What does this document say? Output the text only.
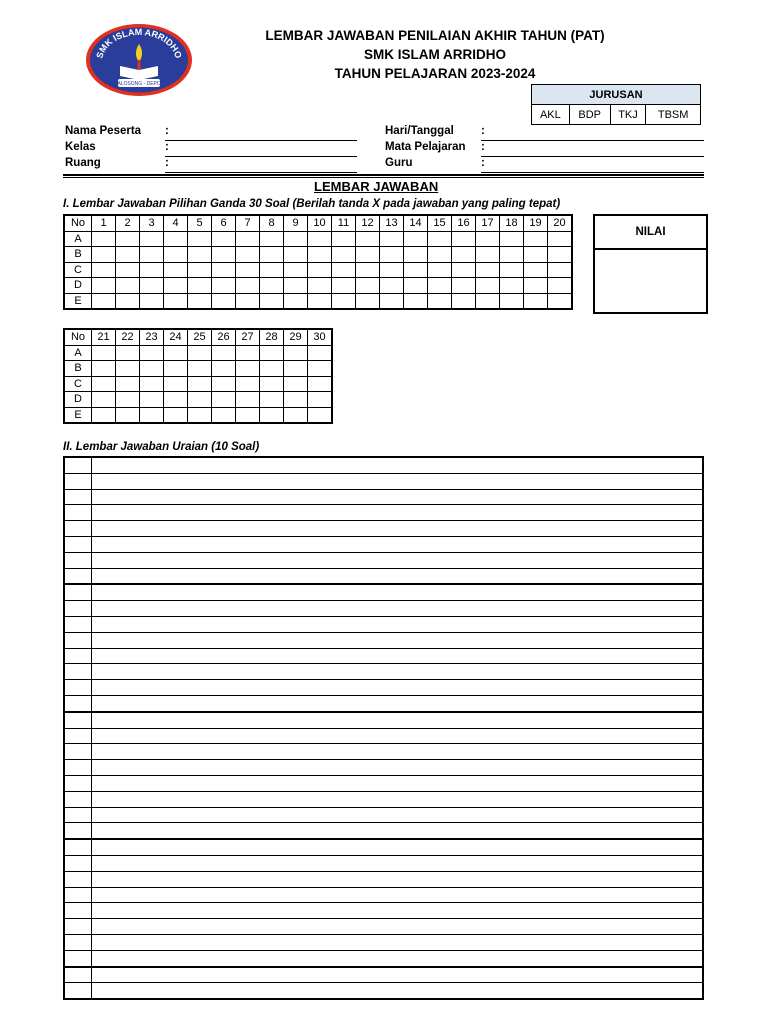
SMK ISLAM ARRIDHO
CALOSONG - DEPOK
LEMBAR JAWABAN PENILAIAN AKHIR TAHUN (PAT)
SMK ISLAM ARRIDHO
TAHUN PELAJARAN 2023-2024
JURUSAN
AKL	BDP	TKJ	TBSM
Nama Peserta :
Kelas	:
Ruang	:
Hari/Tanggal :
Mata Pelajaran :
Guru	:
LEMBAR JAWABAN
I. Lembar Jawaban Pilihan Ganda 30 Soal (Berilah tanda X pada jawaban yang paling tepat)
No	1	2	3	4	5	6	7	8	9	10	11	12	13	14	15	16	17	18	19	20
A																				
B																				
C																				
D																				
E																				
NILAI
No	21	22	23	24	25	26	27	28	29	30
A										
B										
C										
D										
E										
II. Lembar Jawaban Uraian (10 Soal)
